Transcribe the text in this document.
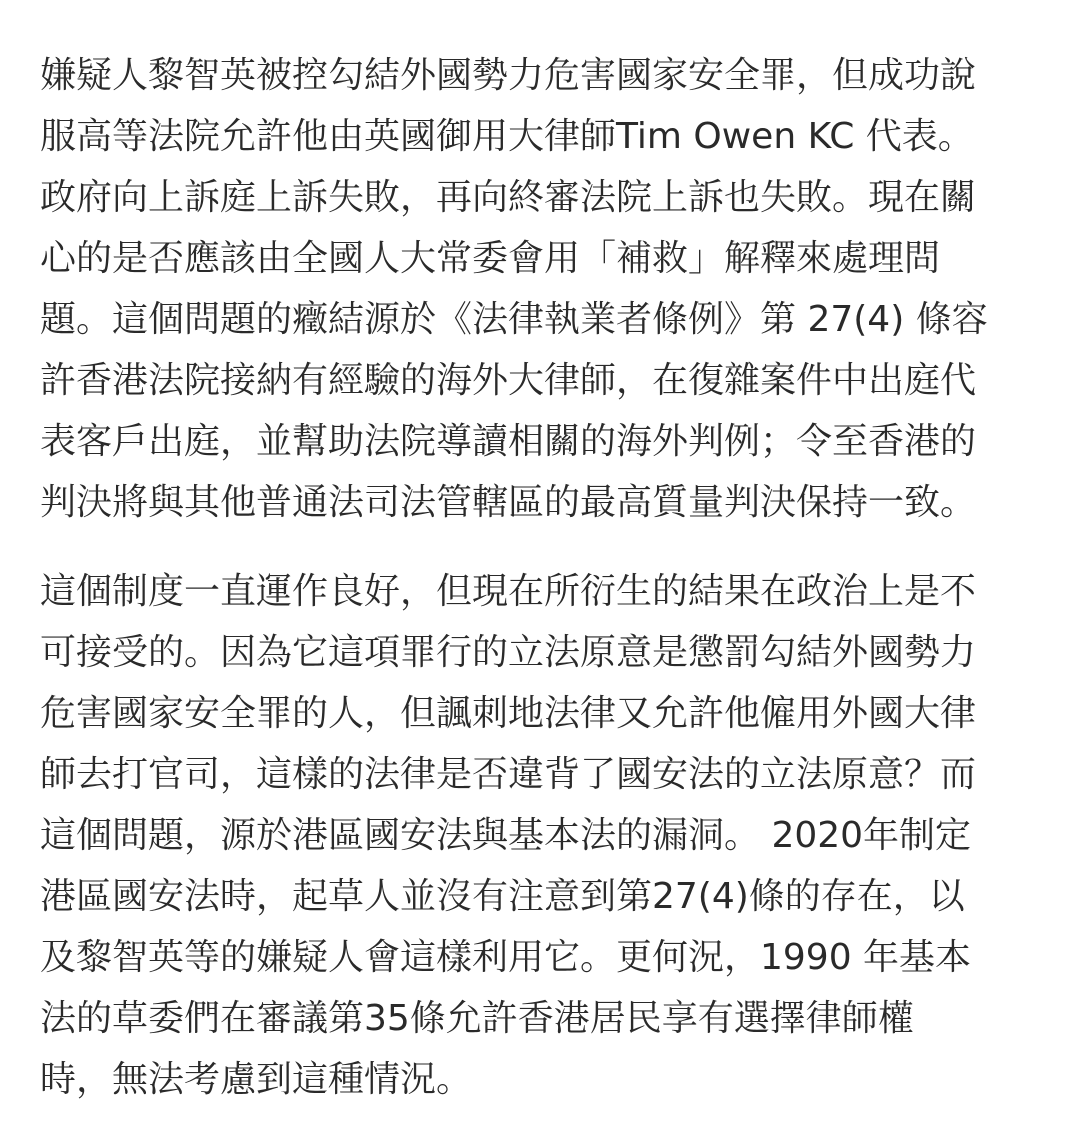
嫌疑人黎智英被控勾結外國勢力危害國家安全罪，但成功說
服高等法院允許他由英國御用大律師Tim Owen KC 代表。
政府向上訴庭上訴失敗，再向終審法院上訴也失敗。現在關
心的是否應該由全國人大常委會用「補救」解釋來處理問
題。這個問題的癥結源於《法律執業者條例》第 27(4) 條容
許香港法院接納有經驗的海外大律師，在復雜案件中出庭代
表客戶出庭，並幫助法院導讀相關的海外判例；令至香港的
判決將與其他普通法司法管轄區的最高質量判決保持一致。
這個制度一直運作良好，但現在所衍生的結果在政治上是不
可接受的。因為它這項罪行的立法原意是懲罰勾結外國勢力
危害國家安全罪的人，但諷刺地法律又允許他僱用外國大律
師去打官司，這樣的法律是否違背了國安法的立法原意？而
這個問題，源於港區國安法與基本法的漏洞。 2020年制定
港區國安法時，起草人並沒有注意到第27(4)條的存在，以
及黎智英等的嫌疑人會這樣利用它。更何況，1990 年基本
法的草委們在審議第35條允許香港居民享有選擇律師權
時，無法考慮到這種情況。
